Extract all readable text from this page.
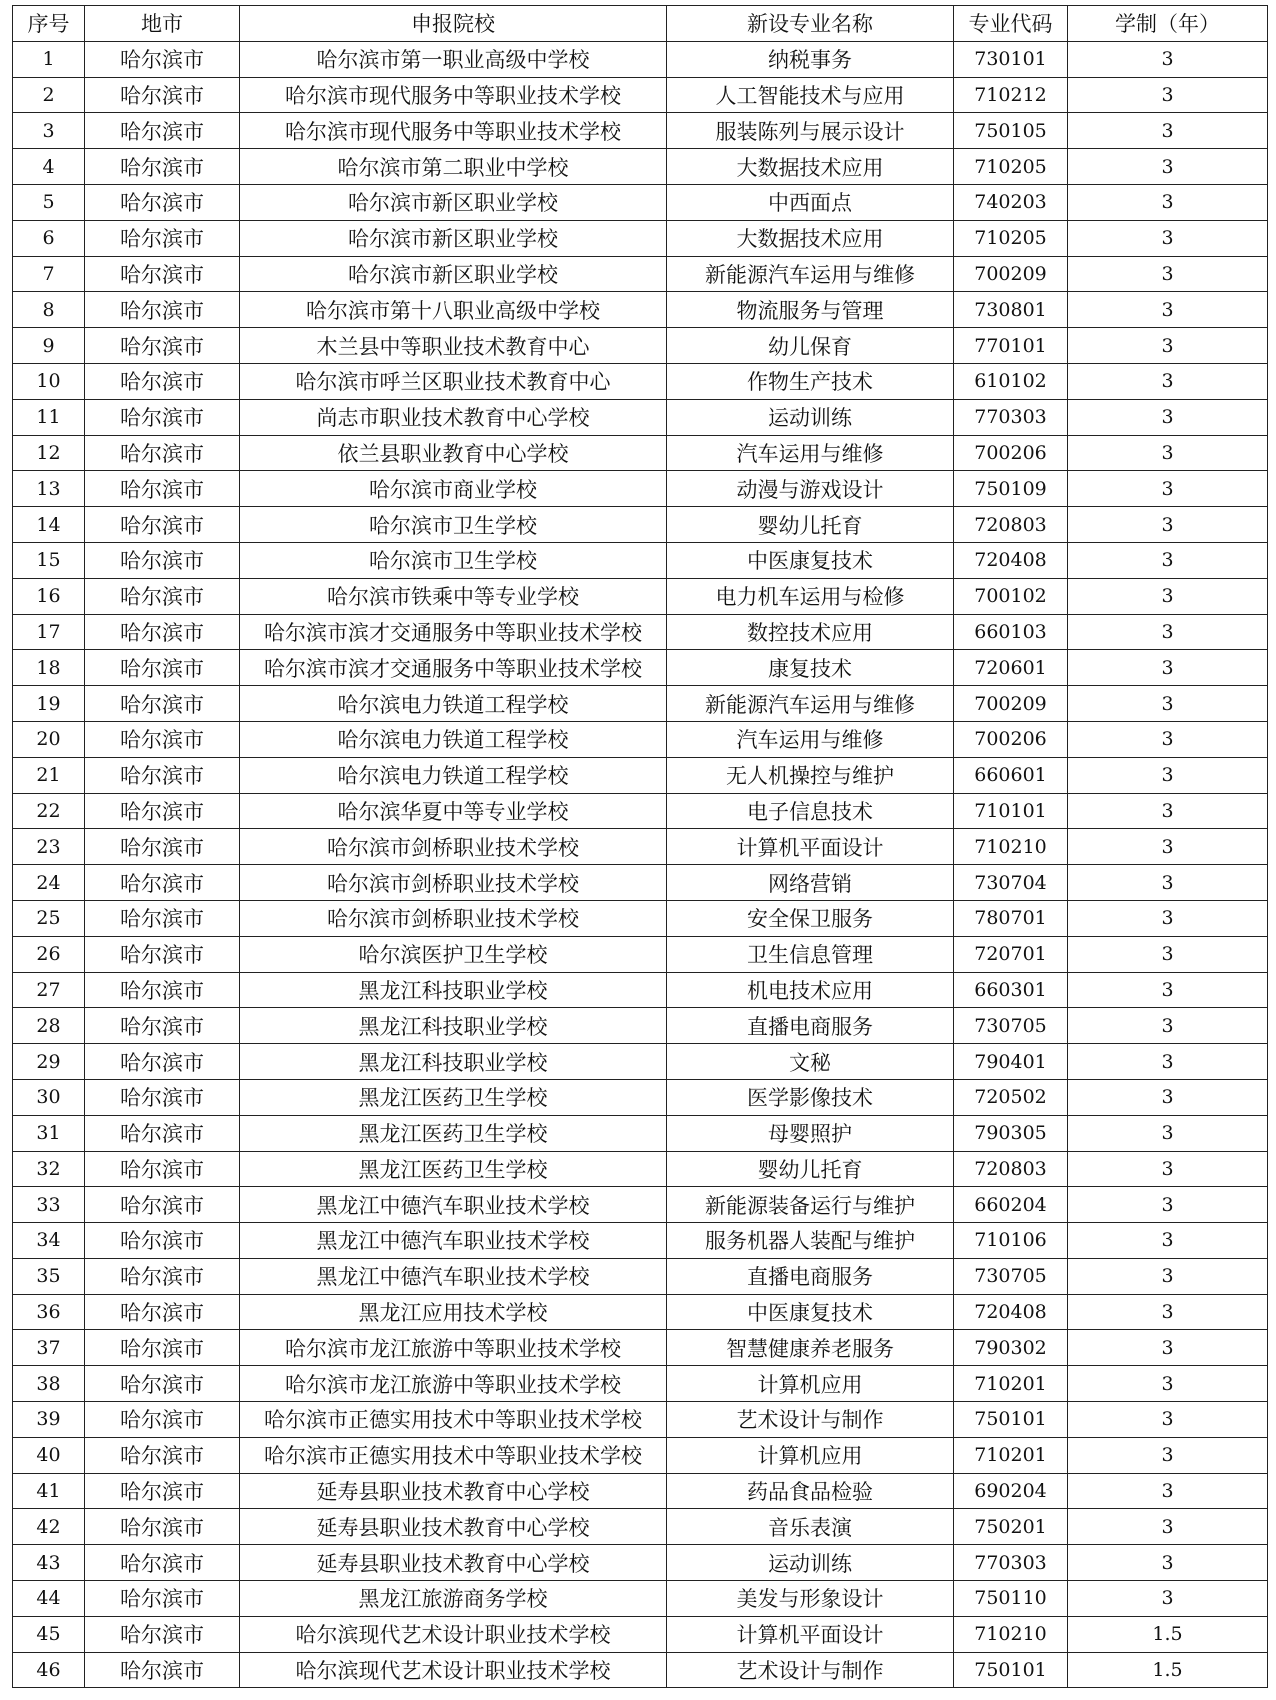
序号	地市	申报院校	新设专业名称	专业代码	学制（年）
1	哈尔滨市	哈尔滨市第一职业高级中学校	纳税事务	730101	3
2	哈尔滨市	哈尔滨市现代服务中等职业技术学校	人工智能技术与应用	710212	3
3	哈尔滨市	哈尔滨市现代服务中等职业技术学校	服装陈列与展示设计	750105	3
4	哈尔滨市	哈尔滨市第二职业中学校	大数据技术应用	710205	3
5	哈尔滨市	哈尔滨市新区职业学校	中西面点	740203	3
6	哈尔滨市	哈尔滨市新区职业学校	大数据技术应用	710205	3
7	哈尔滨市	哈尔滨市新区职业学校	新能源汽车运用与维修	700209	3
8	哈尔滨市	哈尔滨市第十八职业高级中学校	物流服务与管理	730801	3
9	哈尔滨市	木兰县中等职业技术教育中心	幼儿保育	770101	3
10	哈尔滨市	哈尔滨市呼兰区职业技术教育中心	作物生产技术	610102	3
11	哈尔滨市	尚志市职业技术教育中心学校	运动训练	770303	3
12	哈尔滨市	依兰县职业教育中心学校	汽车运用与维修	700206	3
13	哈尔滨市	哈尔滨市商业学校	动漫与游戏设计	750109	3
14	哈尔滨市	哈尔滨市卫生学校	婴幼儿托育	720803	3
15	哈尔滨市	哈尔滨市卫生学校	中医康复技术	720408	3
16	哈尔滨市	哈尔滨市铁乘中等专业学校	电力机车运用与检修	700102	3
17	哈尔滨市	哈尔滨市滨才交通服务中等职业技术学校	数控技术应用	660103	3
18	哈尔滨市	哈尔滨市滨才交通服务中等职业技术学校	康复技术	720601	3
19	哈尔滨市	哈尔滨电力铁道工程学校	新能源汽车运用与维修	700209	3
20	哈尔滨市	哈尔滨电力铁道工程学校	汽车运用与维修	700206	3
21	哈尔滨市	哈尔滨电力铁道工程学校	无人机操控与维护	660601	3
22	哈尔滨市	哈尔滨华夏中等专业学校	电子信息技术	710101	3
23	哈尔滨市	哈尔滨市剑桥职业技术学校	计算机平面设计	710210	3
24	哈尔滨市	哈尔滨市剑桥职业技术学校	网络营销	730704	3
25	哈尔滨市	哈尔滨市剑桥职业技术学校	安全保卫服务	780701	3
26	哈尔滨市	哈尔滨医护卫生学校	卫生信息管理	720701	3
27	哈尔滨市	黑龙江科技职业学校	机电技术应用	660301	3
28	哈尔滨市	黑龙江科技职业学校	直播电商服务	730705	3
29	哈尔滨市	黑龙江科技职业学校	文秘	790401	3
30	哈尔滨市	黑龙江医药卫生学校	医学影像技术	720502	3
31	哈尔滨市	黑龙江医药卫生学校	母婴照护	790305	3
32	哈尔滨市	黑龙江医药卫生学校	婴幼儿托育	720803	3
33	哈尔滨市	黑龙江中德汽车职业技术学校	新能源装备运行与维护	660204	3
34	哈尔滨市	黑龙江中德汽车职业技术学校	服务机器人装配与维护	710106	3
35	哈尔滨市	黑龙江中德汽车职业技术学校	直播电商服务	730705	3
36	哈尔滨市	黑龙江应用技术学校	中医康复技术	720408	3
37	哈尔滨市	哈尔滨市龙江旅游中等职业技术学校	智慧健康养老服务	790302	3
38	哈尔滨市	哈尔滨市龙江旅游中等职业技术学校	计算机应用	710201	3
39	哈尔滨市	哈尔滨市正德实用技术中等职业技术学校	艺术设计与制作	750101	3
40	哈尔滨市	哈尔滨市正德实用技术中等职业技术学校	计算机应用	710201	3
41	哈尔滨市	延寿县职业技术教育中心学校	药品食品检验	690204	3
42	哈尔滨市	延寿县职业技术教育中心学校	音乐表演	750201	3
43	哈尔滨市	延寿县职业技术教育中心学校	运动训练	770303	3
44	哈尔滨市	黑龙江旅游商务学校	美发与形象设计	750110	3
45	哈尔滨市	哈尔滨现代艺术设计职业技术学校	计算机平面设计	710210	1.5
46	哈尔滨市	哈尔滨现代艺术设计职业技术学校	艺术设计与制作	750101	1.5
